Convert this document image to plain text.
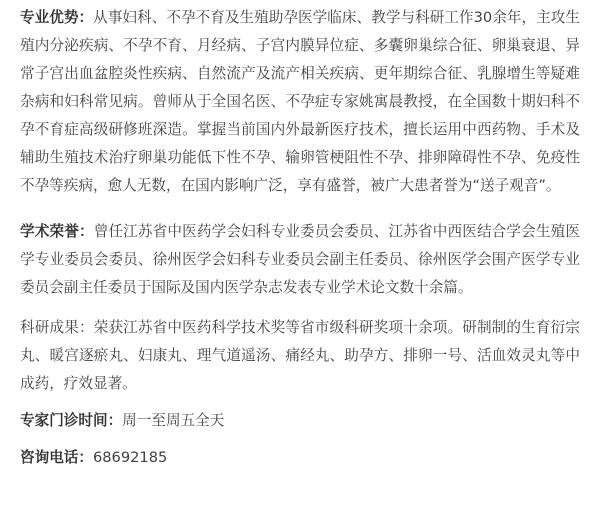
专业优势：从事妇科、不孕不育及生殖助孕医学临床、教学与科研工作30余年，主攻生殖内分泌疾病、不孕不育、月经病、子宫内膜异位症、多囊卵巢综合征、卵巢衰退、异常子宫出血盆腔炎性疾病、自然流产及流产相关疾病、更年期综合征、乳腺增生等疑难杂病和妇科常见病。曾师从于全国名医、不孕症专家姚寓晨教授，在全国数十期妇科不孕不育症高级研修班深造。掌握当前国内外最新医疗技术，擅长运用中西药物、手术及辅助生殖技术治疗卵巢功能低下性不孕、输卵管梗阻性不孕、排卵障碍性不孕、免疫性不孕等疾病，愈人无数，在国内影响广泛，享有盛誉，被广大患者誉为“送子观音”。

学术荣誉：曾任江苏省中医药学会妇科专业委员会委员、江苏省中西医结合学会生殖医学专业委员会委员、徐州医学会妇科专业委员会副主任委员、徐州医学会围产医学专业委员会副主任委员于国际及国内医学杂志发表专业学术论文数十余篇。

科研成果：荣获江苏省中医药科学技术奖等省市级科研奖项十余项。研制制的生育衍宗丸、暖宫逐瘀丸、妇康丸、理气道遥汤、痛经丸、助孕方、排卵一号、活血效灵丸等中成药，疗效显著。

专家门诊时间：周一至周五全天

咨询电话：68692185
